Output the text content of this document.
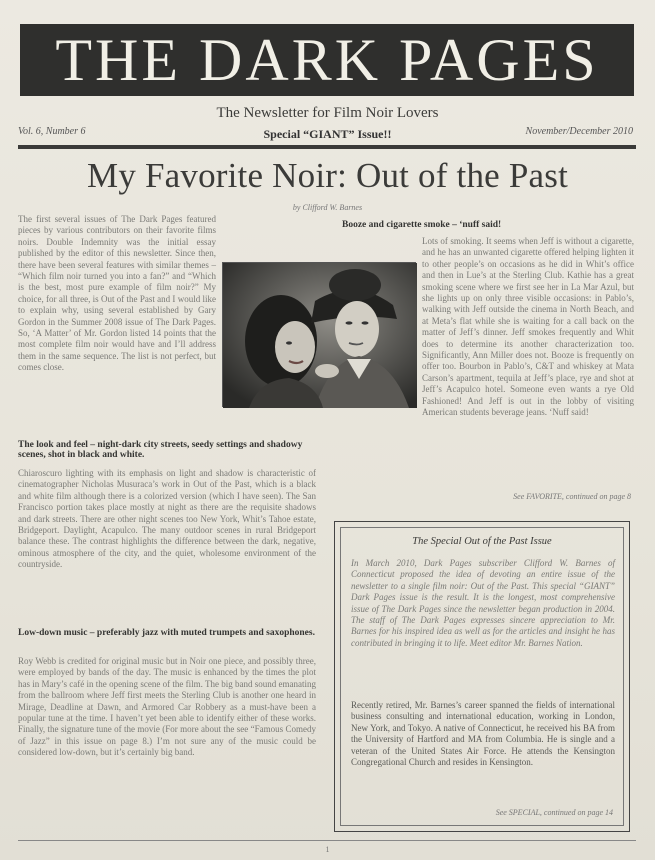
THE DARK PAGES
The Newsletter for Film Noir Lovers
Vol. 6, Number 6	Special “GIANT” Issue!!	November/December 2010
My Favorite Noir: Out of the Past
by Clifford W. Barnes
The first several issues of The Dark Pages featured pieces by various contributors on their favorite films noirs. Double Indemnity was the initial essay published by the editor of this newsletter. Since then, there have been several features with similar themes – “Which film noir turned you into a fan?” and “Which is the best, most pure example of film noir?” My choice, for all three, is Out of the Past and I would like to explain why, using several established by Gary Gordon in the Summer 2008 issue of The Dark Pages. So, ‘A Matter’ of Mr. Gordon listed 14 points that the most complete film noir would have and I’ll address them in the same sequence. The list is not perfect, but comes close.
The look and feel – night-dark city streets, seedy settings and shadowy scenes, shot in black and white.
Chiaroscuro lighting with its emphasis on light and shadow is characteristic of cinematographer Nicholas Musuraca’s work in Out of the Past, which is a black and white film although there is a colorized version (which I have seen). The San Francisco portion takes place mostly at night as there are the requisite shadows and dark streets. There are other night scenes too New York, Whit’s Tahoe estate, Bridgeport. Daylight, Acapulco. The many outdoor scenes in rural Bridgeport balance these. The contrast highlights the difference between the dark, negative, ominous atmosphere of the city, and the quiet, wholesome environment of the countryside.
Low-down music – preferably jazz with muted trumpets and saxophones.
Roy Webb is credited for original music but in Noir one piece, and possibly three, were employed by bands of the day. The music is enhanced by the times the plot has in Mary’s café in the opening scene of the film. The big band sound emanating from the ballroom where Jeff first meets the Sterling Club is another one heard in Mirage, Deadline at Dawn, and Armored Car Robbery as a must-have been a popular tune at the time. I haven’t yet been able to identify either of these works. Finally, the signature tune of the movie (For more about the see “Famous Comedy of Jazz” in this issue on page 8.) I’m not sure any of the music could be considered low-down, but it’s certainly big band.
Booze and cigarette smoke – ‘nuff said!
Lots of smoking. It seems when Jeff is without a cigarette, and he has an unwanted cigarette offered helping lighten it to other people’s on occasions as he did in Whit’s office and then in Lue’s at the Sterling Club. Kathie has a great smoking scene where we first see her in La Mar Azul, but she lights up on only three visible occasions: in Pablo’s, walking with Jeff outside the cinema in North Beach, and at Meta’s flat while she is waiting for a call back on the matter of Jeff’s dinner. Jeff smokes frequently and Whit does to determine its another characterization too. Significantly, Ann Miller does not. Booze is frequently on offer too. Bourbon in Pablo’s, C&T and whiskey at Mata Carson’s apartment, tequila at Jeff’s place, rye and shot at Jeff’s Acapulco hotel. Someone even wants a rye Old Fashioned! And Jeff is out in the lobby of visiting American students beverage jeans. ‘Nuff said!
See FAVORITE, continued on page 8
The Special Out of the Past Issue
In March 2010, Dark Pages subscriber Clifford W. Barnes of Connecticut proposed the idea of devoting an entire issue of the newsletter to a single film noir: Out of the Past. This special “GIANT” Dark Pages issue is the result. It is the longest, most comprehensive issue of The Dark Pages since the newsletter began production in 2004. The staff of The Dark Pages expresses sincere appreciation to Mr. Barnes for his inspired idea as well as for the articles and insight he has contributed in bringing it to life. Meet editor Mr. Barnes Nation.
Recently retired, Mr. Barnes’s career spanned the fields of international business consulting and international education, working in London, New York, and Tokyo. A native of Connecticut, he received his BA from the University of Hartford and MA from Columbia. He is single and a veteran of the United States Air Force. He attends the Kensington Congregational Church and resides in Kensington.
See SPECIAL, continued on page 14
1
